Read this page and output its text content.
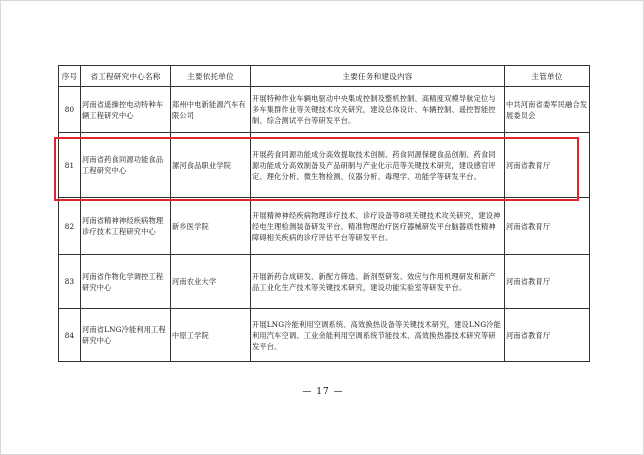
序号	省工程研究中心名称	主要依托单位	主要任务和建设内容	主管单位
80	河南省遥操控电动特种车辆工程研究中心	郑州中电新能源汽车有限公司	开展特种作业车辆电驱动中央集成控制及整机控制、高精度双模导航定位与多车集群作业等关键技术攻关研究，建设总体设计、车辆控制、遥控智能控制、综合测试平台等研发平台。	中共河南省委军民融合发展委员会
81	河南省药食同源功能食品工程研究中心	漯河食品职业学院	开展药食同源功能成分高效提取技术创制、药食同源保健食品创制、药食同源功能成分高效制备及产品研制与产业化示范等关键技术研究，建设感官评定、理化分析、微生物检测、仪器分析、毒理学、功能学等研发平台。	河南省教育厅
82	河南省精神神经疾病物理诊疗技术工程研究中心	新乡医学院	开展精神神经疾病物理诊疗技术、诊疗设备等8项关键技术攻关研究，建设神经电生理检测装备研发平台、精准物理治疗医疗器械研发平台脑器质性精神障碍相关疾病的诊疗评估平台等研发平台。	河南省教育厅
83	河南省作物化学调控工程研究中心	河南农业大学	开展新药合成研发、新配方筛选、新剂型研发、效应与作用机理研发和新产品工业化生产技术等关键技术研究，建设功能实验室等研发平台。	河南省教育厅
84	河南省LNG冷能利用工程研究中心	中原工学院	开展LNG冷能利用空调系统、高效换热设备等关键技术研究，建设LNG冷能利用汽车空调、工业余能利用空调系统节能技术、高效换热器技术研究等研发平台。	河南省教育厅
— 17 —
